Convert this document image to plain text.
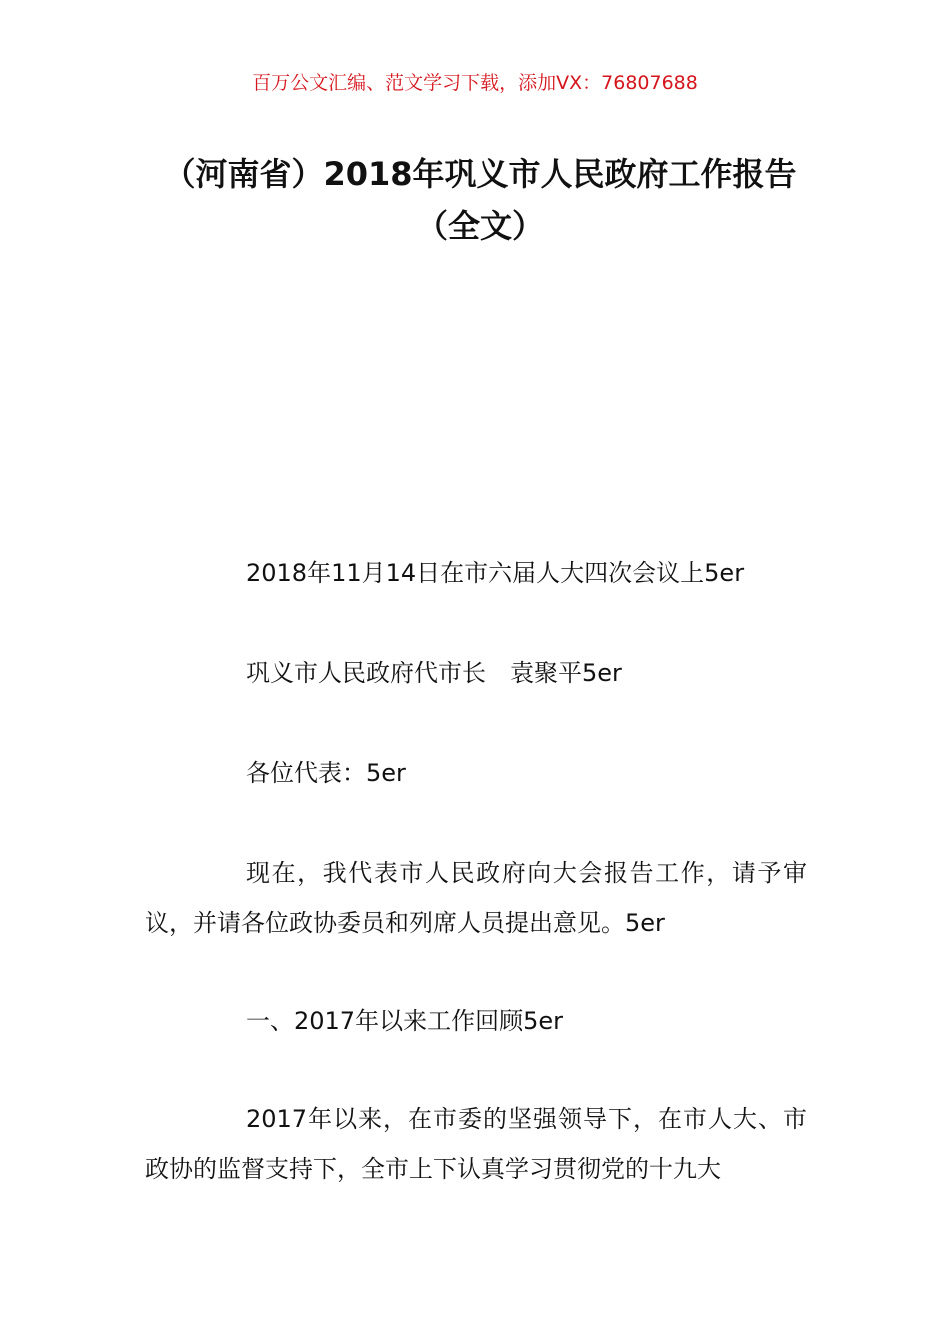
百万公文汇编、范文学习下载，添加VX：76807688
（河南省）2018年巩义市人民政府工作报告（全文）

2018年11月14日在市六届人大四次会议上5er

巩义市人民政府代市长　袁聚平5er

各位代表：5er

现在，我代表市人民政府向大会报告工作，请予审议，并请各位政协委员和列席人员提出意见。5er

一、2017年以来工作回顾5er

2017年以来，在市委的坚强领导下，在市人大、市政协的监督支持下，全市上下认真学习贯彻党的十九大
